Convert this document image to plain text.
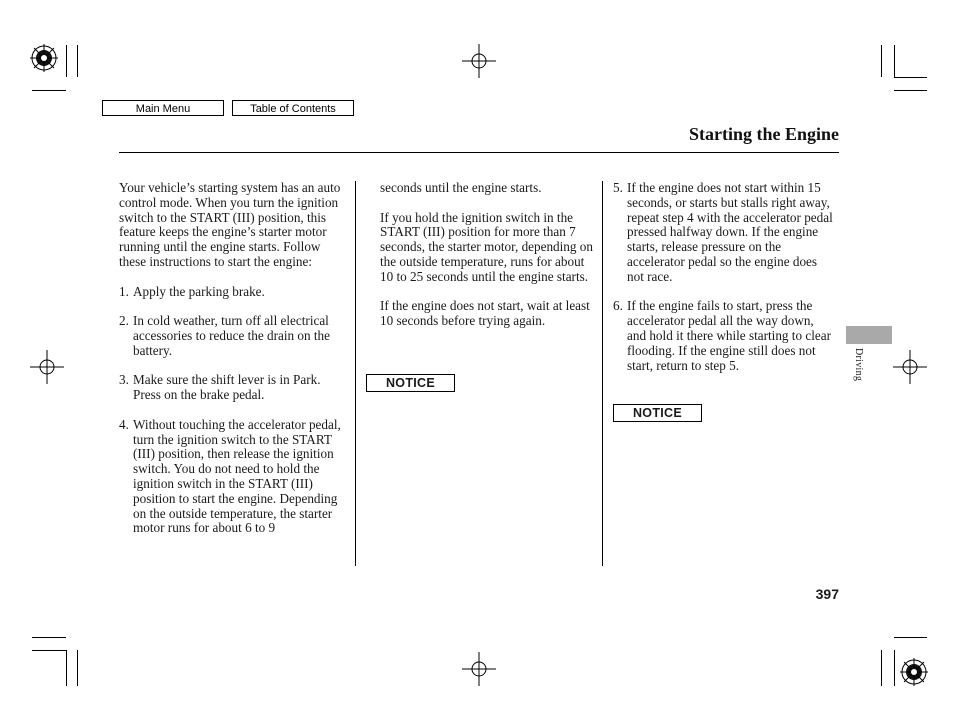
Main Menu	Table of Contents
Starting the Engine

Your vehicle’s starting system has an auto control mode. When you turn the ignition switch to the START (III) position, this feature keeps the engine’s starter motor running until the engine starts. Follow these instructions to start the engine:

1. Apply the parking brake.
2. In cold weather, turn off all electrical accessories to reduce the drain on the battery.
3. Make sure the shift lever is in Park. Press on the brake pedal.
4. Without touching the accelerator pedal, turn the ignition switch to the START (III) position, then release the ignition switch. You do not need to hold the ignition switch in the START (III) position to start the engine. Depending on the outside temperature, the starter motor runs for about 6 to 9

seconds until the engine starts.

If you hold the ignition switch in the START (III) position for more than 7 seconds, the starter motor, depending on the outside temperature, runs for about 10 to 25 seconds until the engine starts.

If the engine does not start, wait at least 10 seconds before trying again.

NOTICE
5. If the engine does not start within 15 seconds, or starts but stalls right away, repeat step 4 with the accelerator pedal pressed halfway down. If the engine starts, release pressure on the accelerator pedal so the engine does not race.
6. If the engine fails to start, press the accelerator pedal all the way down, and hold it there while starting to clear flooding. If the engine still does not start, return to step 5.
NOTICE
Driving
397
